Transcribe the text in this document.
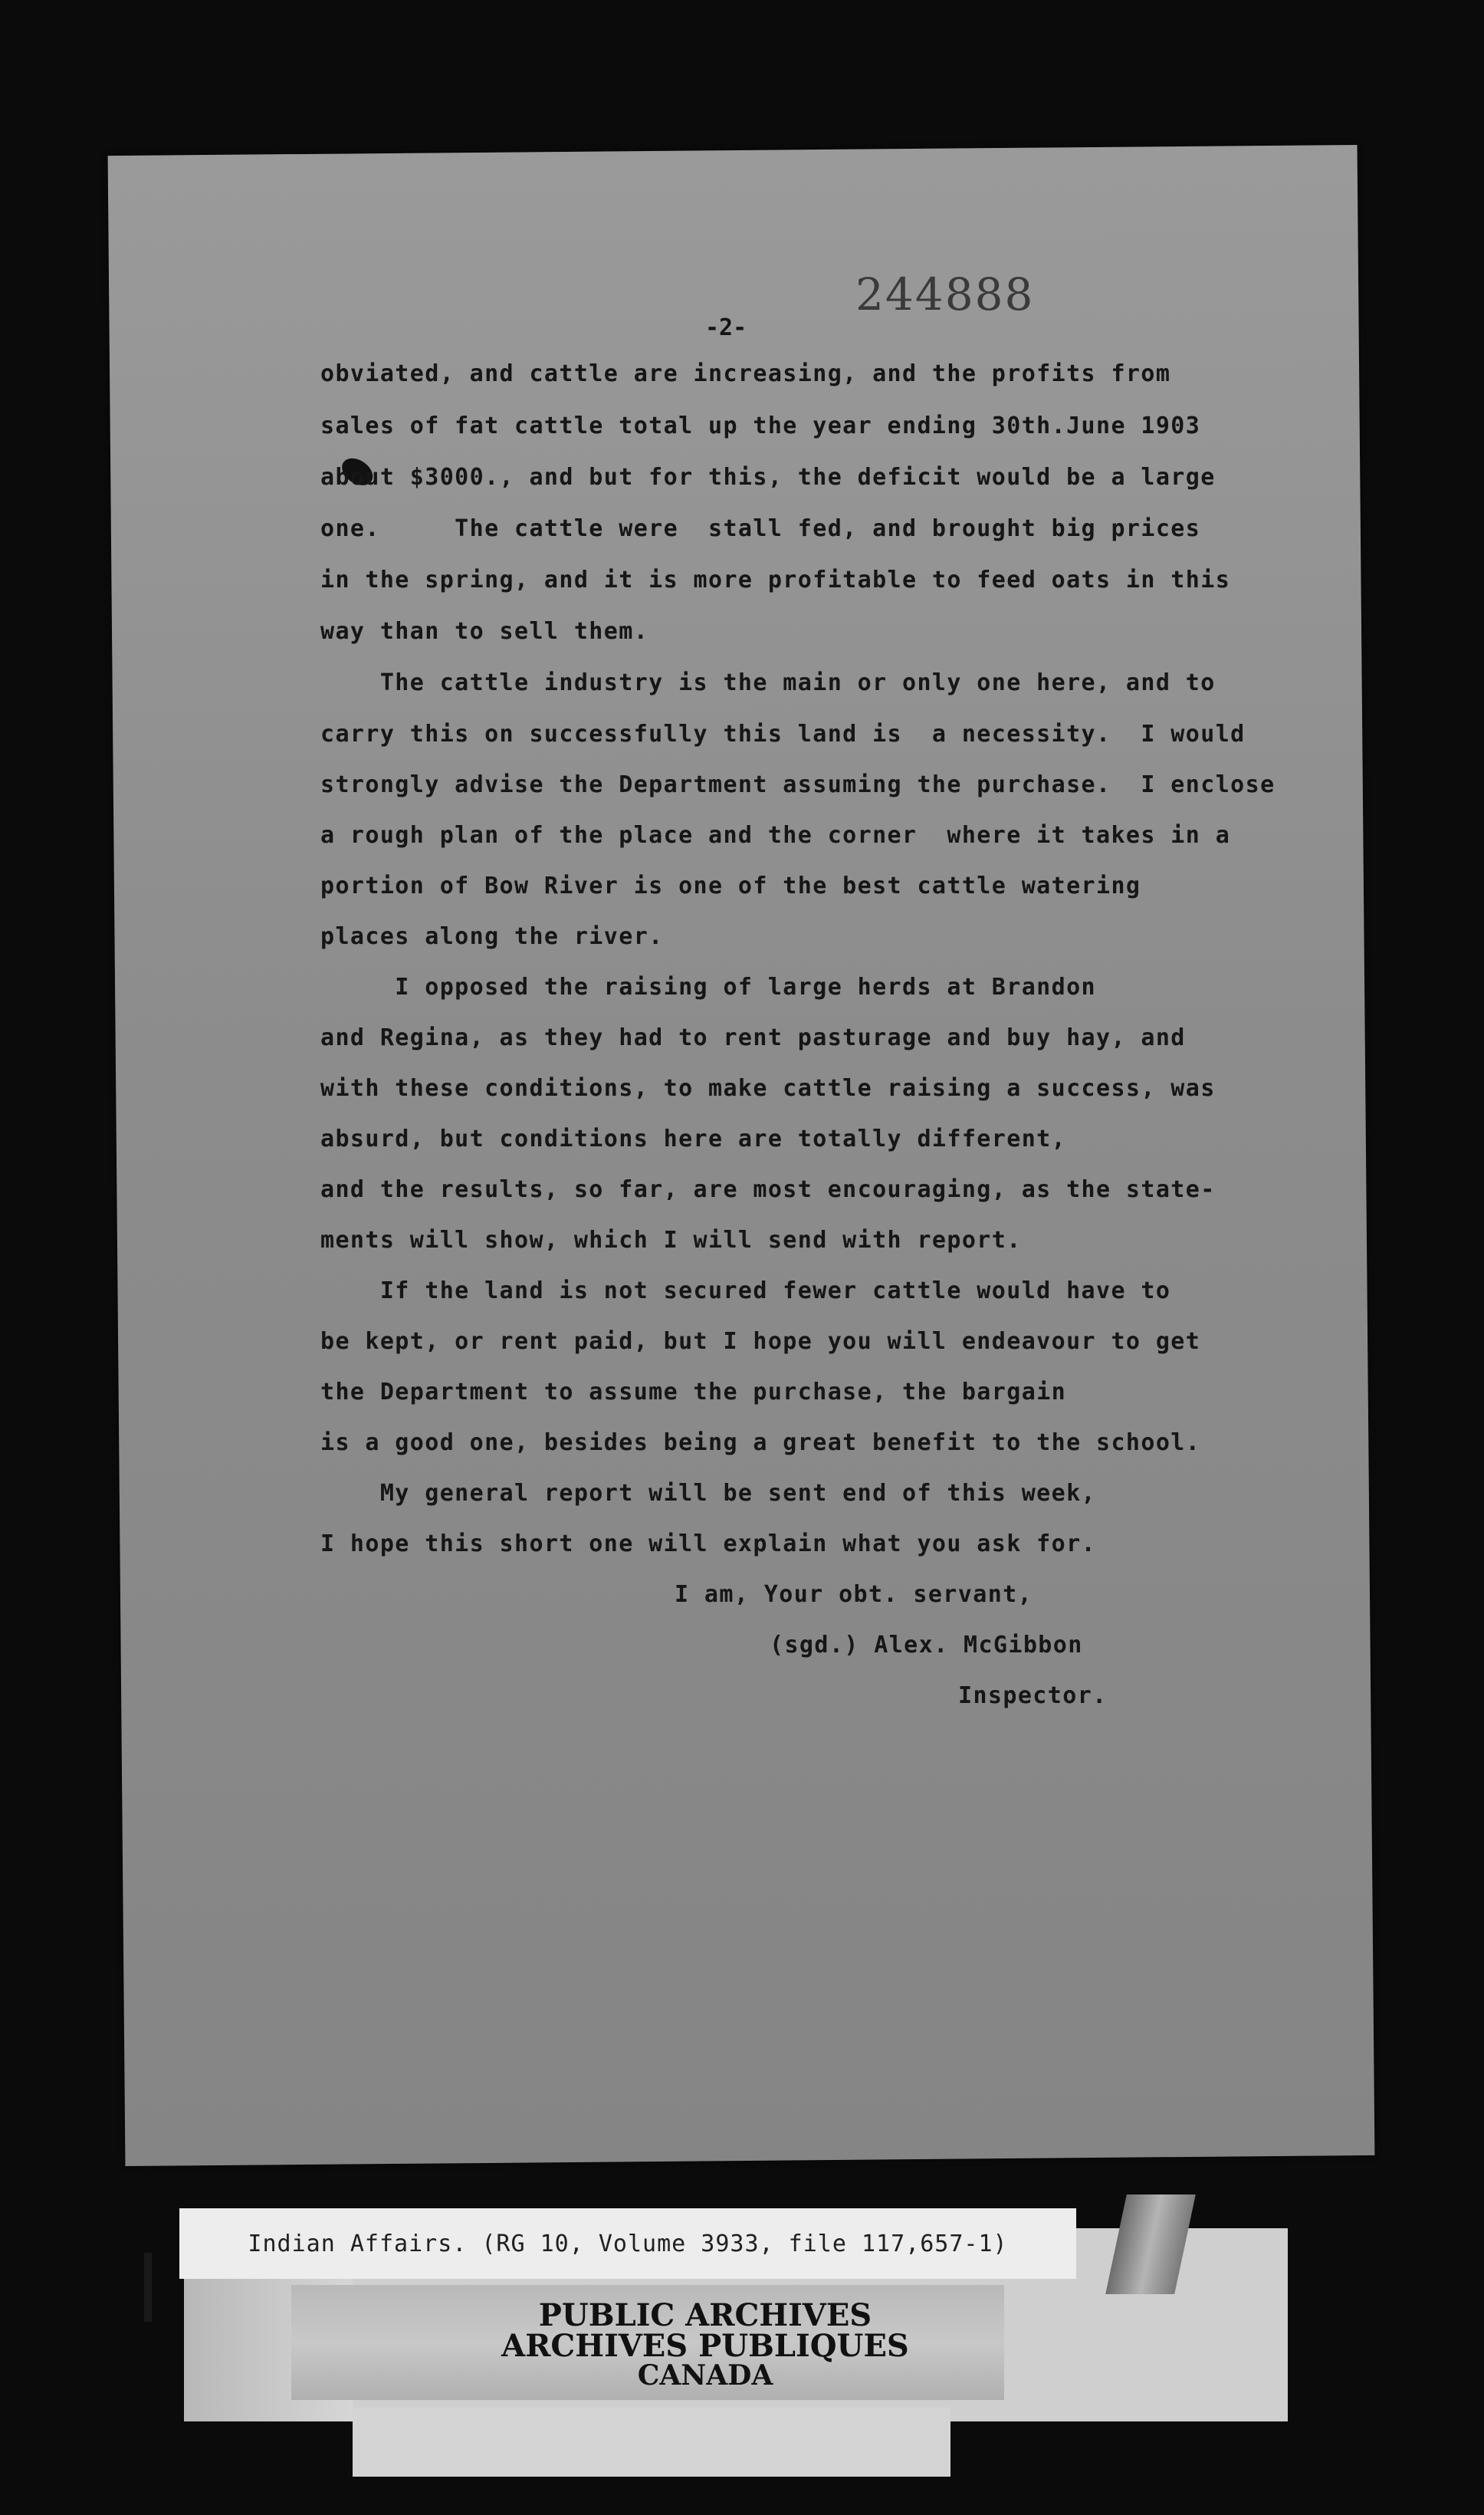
244888
-2-
obviated, and cattle are increasing, and the profits from
sales of fat cattle total up the year ending 30th.June 1903
about $3000., and but for this, the deficit would be a large
one.     The cattle were  stall fed, and brought big prices
in the spring, and it is more profitable to feed oats in this
way than to sell them.
The cattle industry is the main or only one here, and to
carry this on successfully this land is  a necessity.  I would
strongly advise the Department assuming the purchase.  I enclose
a rough plan of the place and the corner  where it takes in a
portion of Bow River is one of the best cattle watering
places along the river.
I opposed the raising of large herds at Brandon
and Regina, as they had to rent pasturage and buy hay, and
with these conditions, to make cattle raising a success, was
absurd, but conditions here are totally different,
and the results, so far, are most encouraging, as the state-
ments will show, which I will send with report.
If the land is not secured fewer cattle would have to
be kept, or rent paid, but I hope you will endeavour to get
the Department to assume the purchase, the bargain
is a good one, besides being a great benefit to the school.
My general report will be sent end of this week,
I hope this short one will explain what you ask for.
I am, Your obt. servant,
(sgd.) Alex. McGibbon
Inspector.
Indian Affairs. (RG 10, Volume 3933, file 117,657-1)
PUBLIC ARCHIVES
ARCHIVES PUBLIQUES
CANADA
